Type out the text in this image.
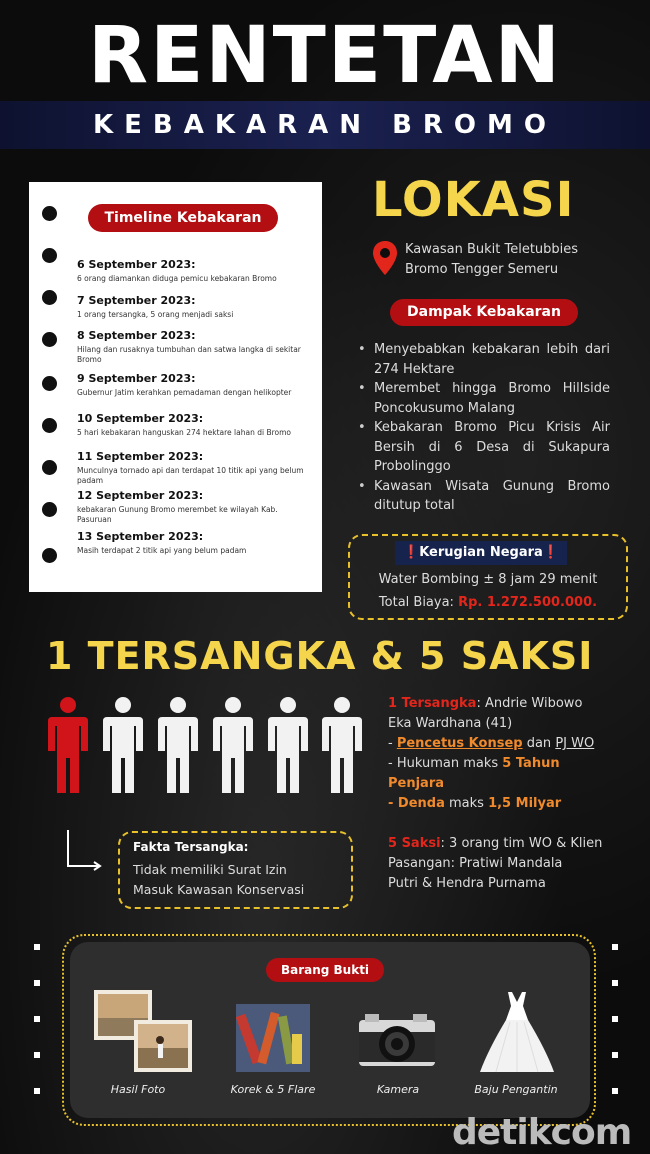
RENTETAN
KEBAKARAN BROMO
Timeline Kebakaran
6 September 2023:
6 orang diamankan diduga pemicu kebakaran Bromo
7 September 2023:
1 orang tersangka, 5 orang menjadi saksi
8 September 2023:
Hilang dan rusaknya tumbuhan dan satwa langka di sekitar Bromo
9 September 2023:
Gubernur Jatim kerahkan pemadaman dengan helikopter
10 September 2023:
5 hari kebakaran hanguskan 274 hektare lahan di Bromo
11 September 2023:
Munculnya tornado api dan terdapat 10 titik api yang belum padam
12 September 2023:
kebakaran Gunung Bromo merembet ke wilayah Kab. Pasuruan
13 September 2023:
Masih terdapat 2 titik api yang belum padam
LOKASI
Kawasan Bukit Teletubbies
Bromo Tengger Semeru
Dampak Kebakaran
• Menyebabkan kebakaran lebih dari 274 Hektare
• Merembet hingga Bromo Hillside Poncokusumo Malang
• Kebakaran Bromo Picu Krisis Air Bersih di 6 Desa di Sukapura Probolinggo
• Kawasan Wisata Gunung Bromo ditutup total
❗Kerugian Negara❗
Water Bombing ± 8 jam 29 menit
Total Biaya: Rp. 1.272.500.000.
1 TERSANGKA & 5 SAKSI
1 Tersangka: Andrie Wibowo
Eka Wardhana (41)
- Pencetus Konsep dan PJ WO
- Hukuman maks 5 Tahun
Penjara
- Denda maks 1,5 Milyar
5 Saksi: 3 orang tim WO & Klien
Pasangan: Pratiwi Mandala
Putri & Hendra Purnama
Fakta Tersangka:
Tidak memiliki Surat Izin
Masuk Kawasan Konservasi
Barang Bukti
Hasil Foto	Korek & 5 Flare	Kamera	Baju Pengantin
detikcom
